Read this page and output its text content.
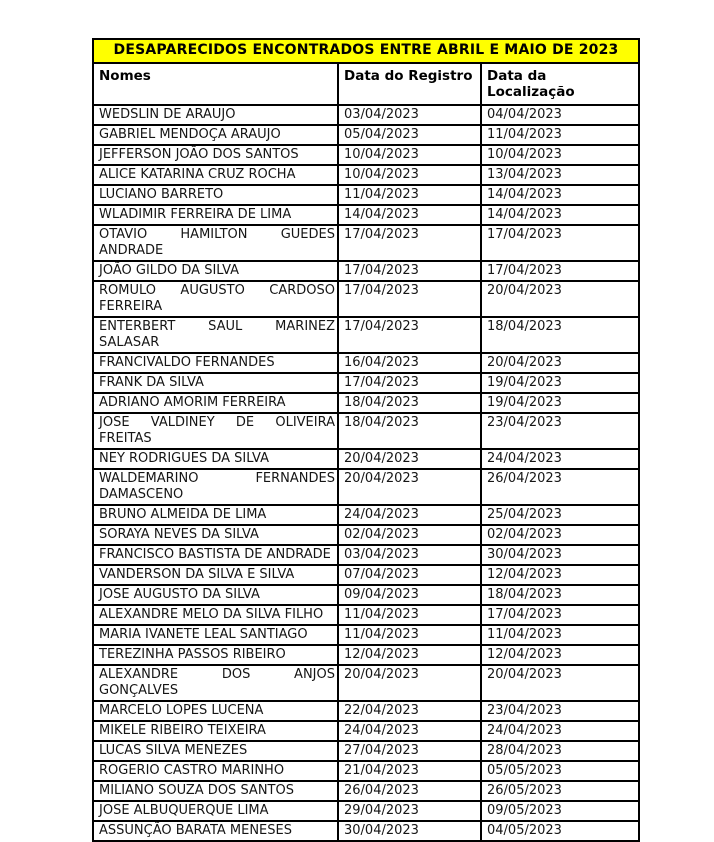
DESAPARECIDOS ENCONTRADOS ENTRE ABRIL E MAIO DE 2023		
Nomes	Data do Registro	Data da Localização
WEDSLIN DE ARAUJO	03/04/2023	04/04/2023
GABRIEL MENDOÇA ARAUJO	05/04/2023	11/04/2023
JEFFERSON JOÃO DOS SANTOS	10/04/2023	10/04/2023
ALICE KATARINA CRUZ ROCHA	10/04/2023	13/04/2023
LUCIANO BARRETO	11/04/2023	14/04/2023
WLADIMIR FERREIRA DE LIMA	14/04/2023	14/04/2023
OTAVIO HAMILTON GUEDES ANDRADE	17/04/2023	17/04/2023
JOÃO GILDO DA SILVA	17/04/2023	17/04/2023
ROMULO AUGUSTO CARDOSO FERREIRA	17/04/2023	20/04/2023
ENTERBERT SAUL MARINEZ SALASAR	17/04/2023	18/04/2023
FRANCIVALDO FERNANDES	16/04/2023	20/04/2023
FRANK DA SILVA	17/04/2023	19/04/2023
ADRIANO AMORIM FERREIRA	18/04/2023	19/04/2023
JOSE VALDINEY DE OLIVEIRA FREITAS	18/04/2023	23/04/2023
NEY RODRIGUES DA SILVA	20/04/2023	24/04/2023
WALDEMARINO FERNANDES DAMASCENO	20/04/2023	26/04/2023
BRUNO ALMEIDA DE LIMA	24/04/2023	25/04/2023
SORAYA NEVES DA SILVA	02/04/2023	02/04/2023
FRANCISCO BASTISTA DE ANDRADE	03/04/2023	30/04/2023
VANDERSON DA SILVA E SILVA	07/04/2023	12/04/2023
JOSE AUGUSTO DA SILVA	09/04/2023	18/04/2023
ALEXANDRE MELO DA SILVA FILHO	11/04/2023	17/04/2023
MARIA IVANETE LEAL SANTIAGO	11/04/2023	11/04/2023
TEREZINHA PASSOS RIBEIRO	12/04/2023	12/04/2023
ALEXANDRE DOS ANJOS GONÇALVES	20/04/2023	20/04/2023
MARCELO LOPES LUCENA	22/04/2023	23/04/2023
MIKELE RIBEIRO TEIXEIRA	24/04/2023	24/04/2023
LUCAS SILVA MENEZES	27/04/2023	28/04/2023
ROGERIO CASTRO MARINHO	21/04/2023	05/05/2023
MILIANO SOUZA DOS SANTOS	26/04/2023	26/05/2023
JOSE ALBUQUERQUE LIMA	29/04/2023	09/05/2023
ASSUNÇÃO BARATA MENESES	30/04/2023	04/05/2023
